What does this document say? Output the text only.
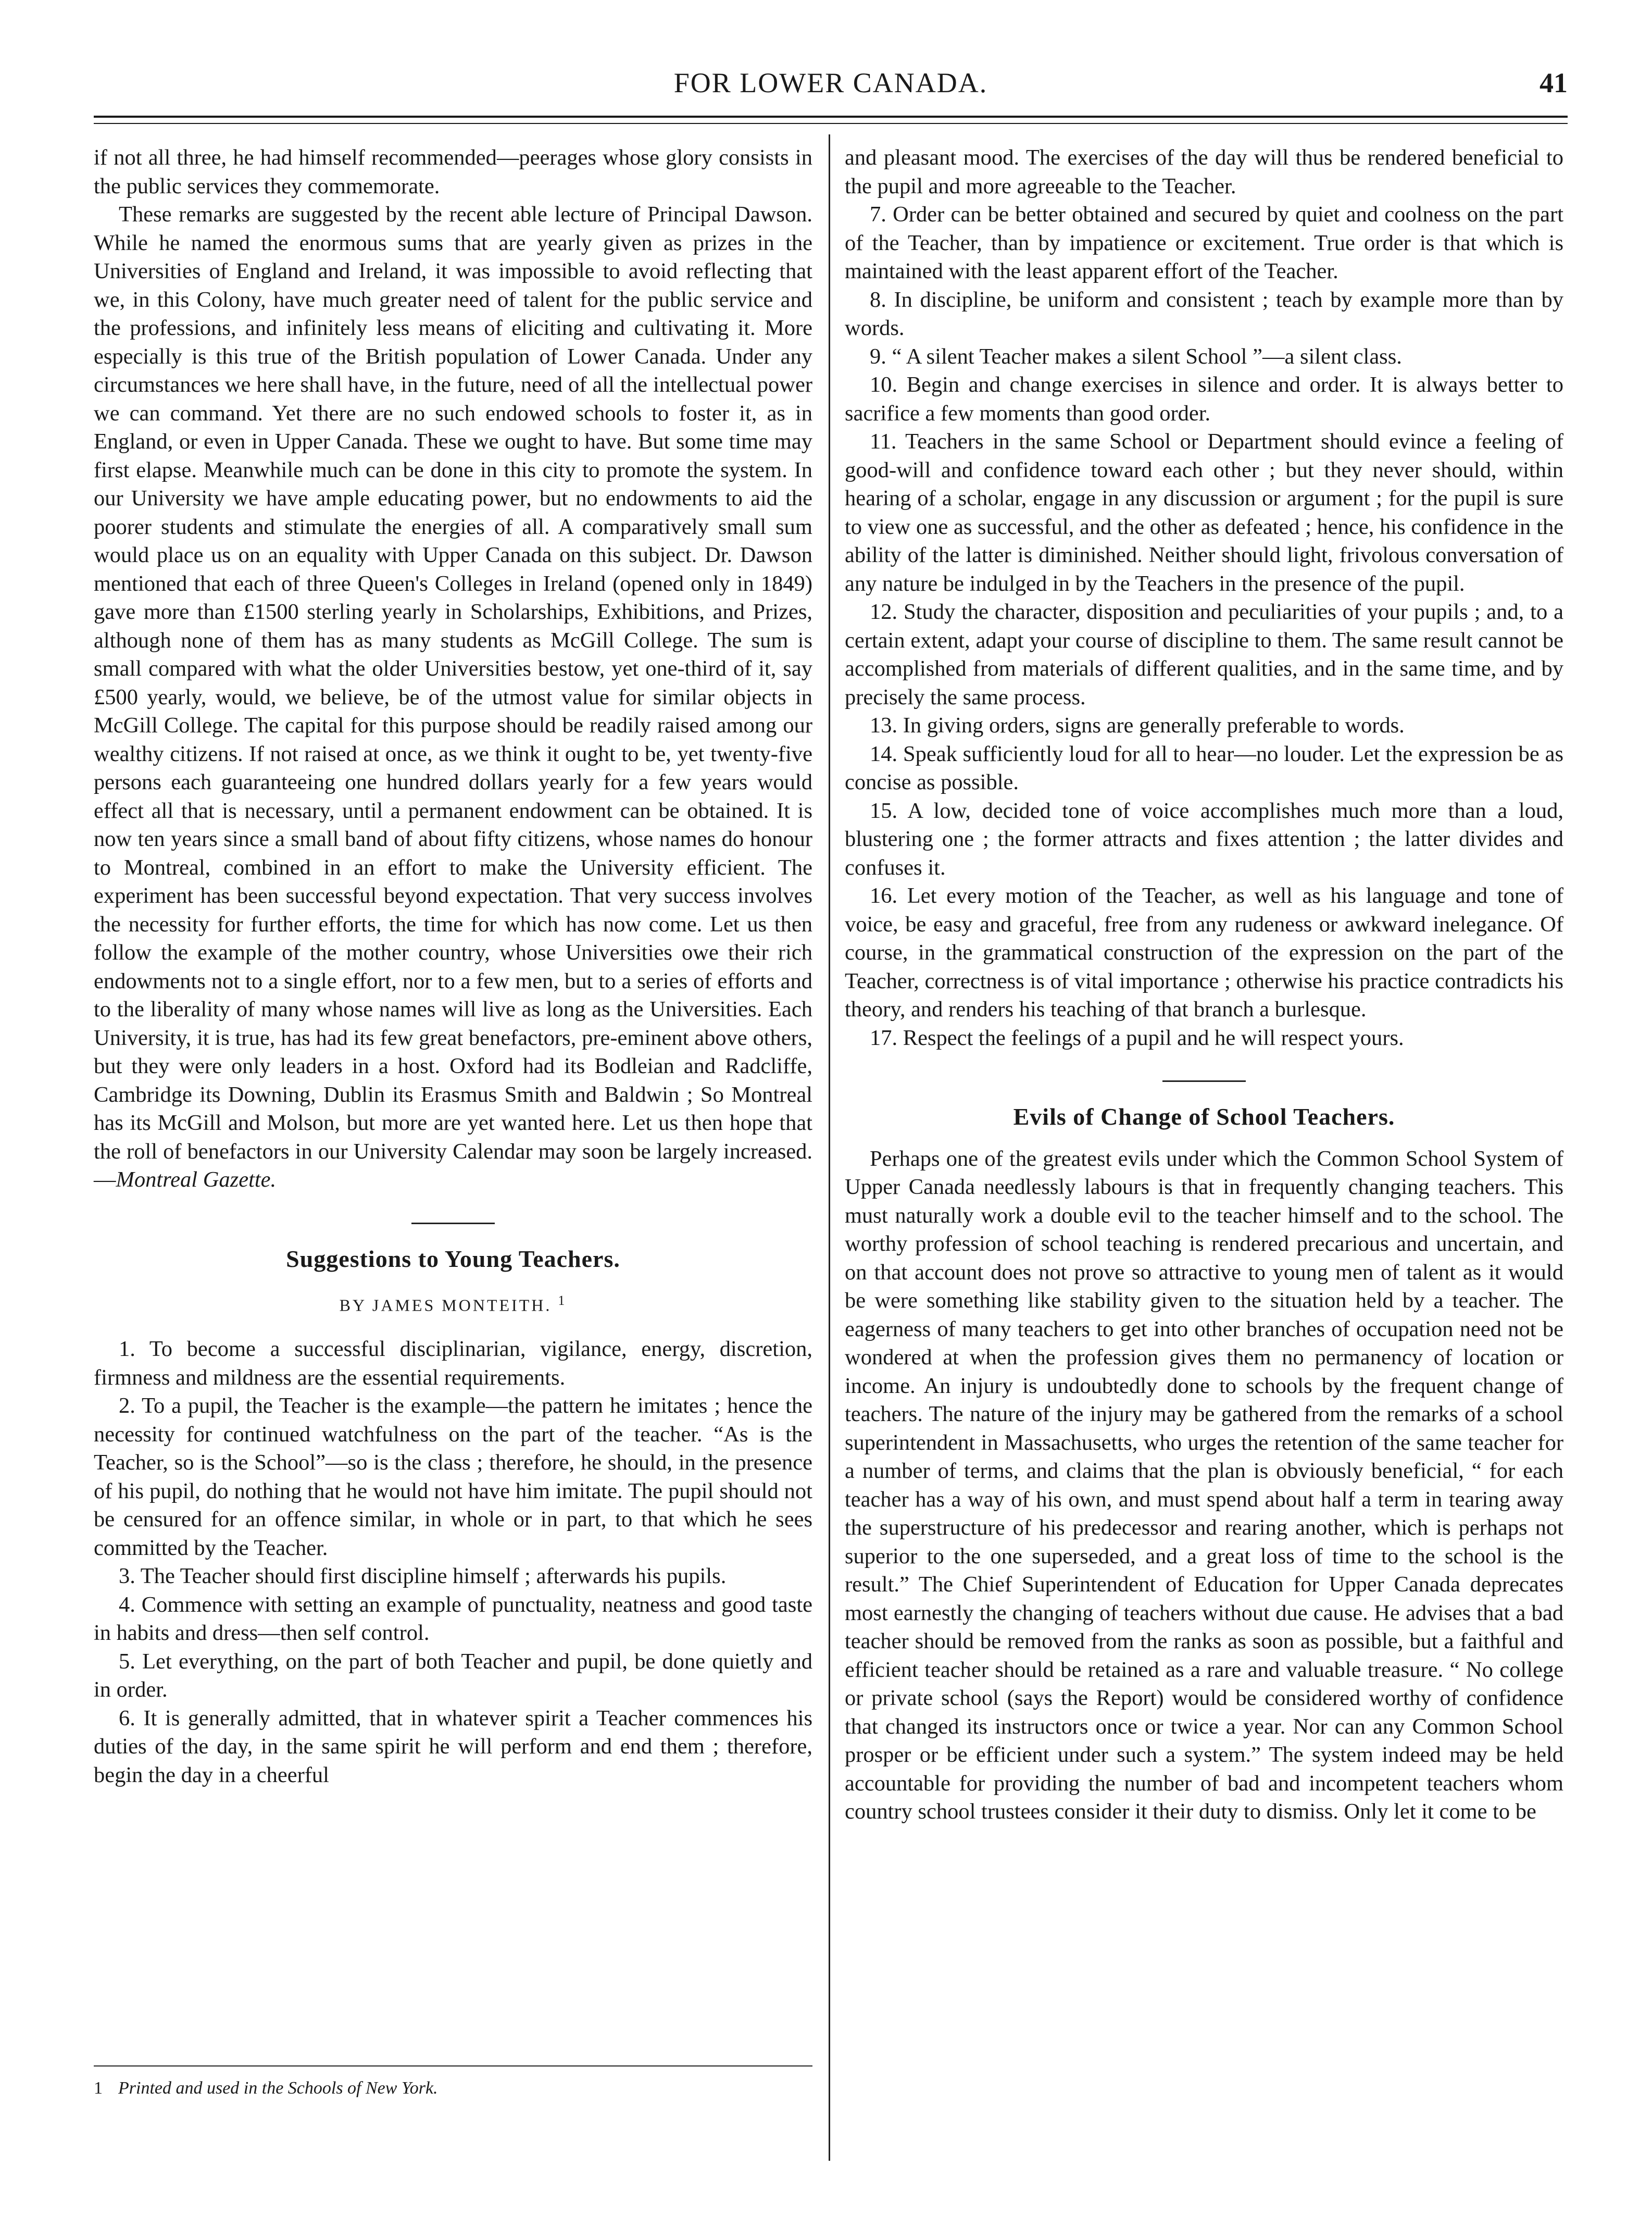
FOR LOWER CANADA.	41

if not all three, he had himself recommended—peerages whose glory consists in the public services they commemorate.

These remarks are suggested by the recent able lecture of Principal Dawson. While he named the enormous sums that are yearly given as prizes in the Universities of England and Ireland, it was impossible to avoid reflecting that we, in this Colony, have much greater need of talent for the public service and the professions, and infinitely less means of eliciting and cultivating it. More especially is this true of the British population of Lower Canada. Under any circumstances we here shall have, in the future, need of all the intellectual power we can command. Yet there are no such endowed schools to foster it, as in England, or even in Upper Canada. These we ought to have. But some time may first elapse. Meanwhile much can be done in this city to promote the system. In our University we have ample educating power, but no endowments to aid the poorer students and stimulate the energies of all. A comparatively small sum would place us on an equality with Upper Canada on this subject. Dr. Dawson mentioned that each of three Queen's Colleges in Ireland (opened only in 1849) gave more than £1500 sterling yearly in Scholarships, Exhibitions, and Prizes, although none of them has as many students as McGill College. The sum is small compared with what the older Universities bestow, yet one-third of it, say £500 yearly, would, we believe, be of the utmost value for similar objects in McGill College. The capital for this purpose should be readily raised among our wealthy citizens. If not raised at once, as we think it ought to be, yet twenty-five persons each guaranteeing one hundred dollars yearly for a few years would effect all that is necessary, until a permanent endowment can be obtained. It is now ten years since a small band of about fifty citizens, whose names do honour to Montreal, combined in an effort to make the University efficient. The experiment has been successful beyond expectation. That very success involves the necessity for further efforts, the time for which has now come. Let us then follow the example of the mother country, whose Universities owe their rich endowments not to a single effort, nor to a few men, but to a series of efforts and to the liberality of many whose names will live as long as the Universities. Each University, it is true, has had its few great benefactors, pre-eminent above others, but they were only leaders in a host. Oxford had its Bodleian and Radcliffe, Cambridge its Downing, Dublin its Erasmus Smith and Baldwin ; So Montreal has its McGill and Molson, but more are yet wanted here. Let us then hope that the roll of benefactors in our University Calendar may soon be largely increased.—Montreal Gazette.

Suggestions to Young Teachers.
BY JAMES MONTEITH. $^1$

1. To become a successful disciplinarian, vigilance, energy, discretion, firmness and mildness are the essential requirements.

2. To a pupil, the Teacher is the example—the pattern he imitates ; hence the necessity for continued watchfulness on the part of the teacher. “As is the Teacher, so is the School”—so is the class ; therefore, he should, in the presence of his pupil, do nothing that he would not have him imitate. The pupil should not be censured for an offence similar, in whole or in part, to that which he sees committed by the Teacher.

3. The Teacher should first discipline himself ; afterwards his pupils.

4. Commence with setting an example of punctuality, neatness and good taste in habits and dress—then self control.

5. Let everything, on the part of both Teacher and pupil, be done quietly and in order.

6. It is generally admitted, that in whatever spirit a Teacher commences his duties of the day, in the same spirit he will perform and end them ; therefore, begin the day in a cheerful

1 Printed and used in the Schools of New York.

and pleasant mood. The exercises of the day will thus be rendered beneficial to the pupil and more agreeable to the Teacher.

7. Order can be better obtained and secured by quiet and coolness on the part of the Teacher, than by impatience or excitement. True order is that which is maintained with the least apparent effort of the Teacher.

8. In discipline, be uniform and consistent ; teach by example more than by words.

9. “ A silent Teacher makes a silent School ”—a silent class.

10. Begin and change exercises in silence and order. It is always better to sacrifice a few moments than good order.

11. Teachers in the same School or Department should evince a feeling of good-will and confidence toward each other ; but they never should, within hearing of a scholar, engage in any discussion or argument ; for the pupil is sure to view one as successful, and the other as defeated ; hence, his confidence in the ability of the latter is diminished. Neither should light, frivolous conversation of any nature be indulged in by the Teachers in the presence of the pupil.

12. Study the character, disposition and peculiarities of your pupils ; and, to a certain extent, adapt your course of discipline to them. The same result cannot be accomplished from materials of different qualities, and in the same time, and by precisely the same process.

13. In giving orders, signs are generally preferable to words.

14. Speak sufficiently loud for all to hear—no louder. Let the expression be as concise as possible.

15. A low, decided tone of voice accomplishes much more than a loud, blustering one ; the former attracts and fixes attention ; the latter divides and confuses it.

16. Let every motion of the Teacher, as well as his language and tone of voice, be easy and graceful, free from any rudeness or awkward inelegance. Of course, in the grammatical construction of the expression on the part of the Teacher, correctness is of vital importance ; otherwise his practice contradicts his theory, and renders his teaching of that branch a burlesque.

17. Respect the feelings of a pupil and he will respect yours.

Evils of Change of School Teachers.

Perhaps one of the greatest evils under which the Common School System of Upper Canada needlessly labours is that in frequently changing teachers. This must naturally work a double evil to the teacher himself and to the school. The worthy profession of school teaching is rendered precarious and uncertain, and on that account does not prove so attractive to young men of talent as it would be were something like stability given to the situation held by a teacher. The eagerness of many teachers to get into other branches of occupation need not be wondered at when the profession gives them no permanency of location or income. An injury is undoubtedly done to schools by the frequent change of teachers. The nature of the injury may be gathered from the remarks of a school superintendent in Massachusetts, who urges the retention of the same teacher for a number of terms, and claims that the plan is obviously beneficial, “ for each teacher has a way of his own, and must spend about half a term in tearing away the superstructure of his predecessor and rearing another, which is perhaps not superior to the one superseded, and a great loss of time to the school is the result.” The Chief Superintendent of Education for Upper Canada deprecates most earnestly the changing of teachers without due cause. He advises that a bad teacher should be removed from the ranks as soon as possible, but a faithful and efficient teacher should be retained as a rare and valuable treasure. “ No college or private school (says the Report) would be considered worthy of confidence that changed its instructors once or twice a year. Nor can any Common School prosper or be efficient under such a system.” The system indeed may be held accountable for providing the number of bad and incompetent teachers whom country school trustees consider it their duty to dismiss. Only let it come to be
